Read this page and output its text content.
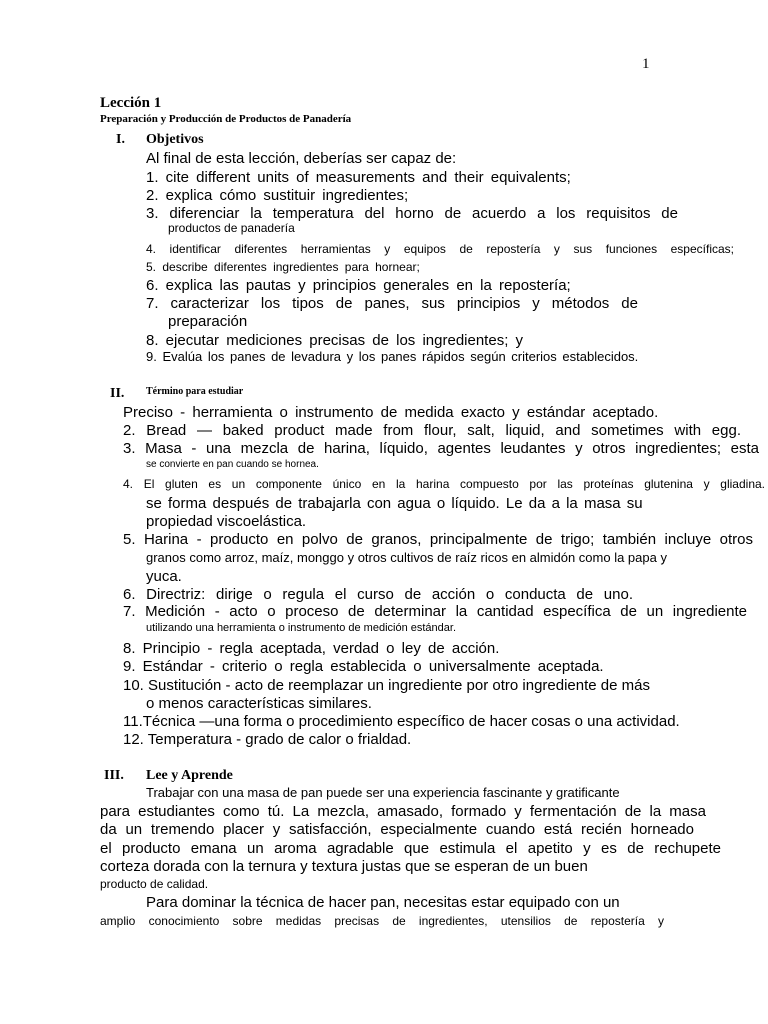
1
Lección 1
Preparación y Producción de Productos de Panadería
I. Objetivos
Al final de esta lección, deberías ser capaz de:
1. cite different units of measurements and their equivalents;
2. explica cómo sustituir ingredientes;
3. diferenciar la temperatura del horno de acuerdo a los requisitos de
productos de panadería
4. identificar diferentes herramientas y equipos de repostería y sus funciones específicas;
5. describe diferentes ingredientes para hornear;
6. explica las pautas y principios generales en la repostería;
7. caracterizar los tipos de panes, sus principios y métodos de
preparación
8. ejecutar mediciones precisas de los ingredientes; y
9. Evalúa los panes de levadura y los panes rápidos según criterios establecidos.
II. Término para estudiar
Preciso - herramienta o instrumento de medida exacto y estándar aceptado.
2. Bread — baked product made from flour, salt, liquid, and sometimes with egg.
3. Masa - una mezcla de harina, líquido, agentes leudantes y otros ingredientes; esta
se convierte en pan cuando se hornea.
4. El gluten es un componente único en la harina compuesto por las proteínas glutenina y gliadina.
se forma después de trabajarla con agua o líquido. Le da a la masa su
propiedad viscoelástica.
5. Harina - producto en polvo de granos, principalmente de trigo; también incluye otros
granos como arroz, maíz, monggo y otros cultivos de raíz ricos en almidón como la papa y
yuca.
6. Directriz: dirige o regula el curso de acción o conducta de uno.
7. Medición - acto o proceso de determinar la cantidad específica de un ingrediente
utilizando una herramienta o instrumento de medición estándar.
8. Principio - regla aceptada, verdad o ley de acción.
9. Estándar - criterio o regla establecida o universalmente aceptada.
10. Sustitución - acto de reemplazar un ingrediente por otro ingrediente de más
o menos características similares.
11.Técnica —una forma o procedimiento específico de hacer cosas o una actividad.
12. Temperatura - grado de calor o frialdad.
III. Lee y Aprende
Trabajar con una masa de pan puede ser una experiencia fascinante y gratificante
para estudiantes como tú. La mezcla, amasado, formado y fermentación de la masa
da un tremendo placer y satisfacción, especialmente cuando está recién horneado
el producto emana un aroma agradable que estimula el apetito y es de rechupete
corteza dorada con la ternura y textura justas que se esperan de un buen
producto de calidad.
Para dominar la técnica de hacer pan, necesitas estar equipado con un
amplio conocimiento sobre medidas precisas de ingredientes, utensilios de repostería y
